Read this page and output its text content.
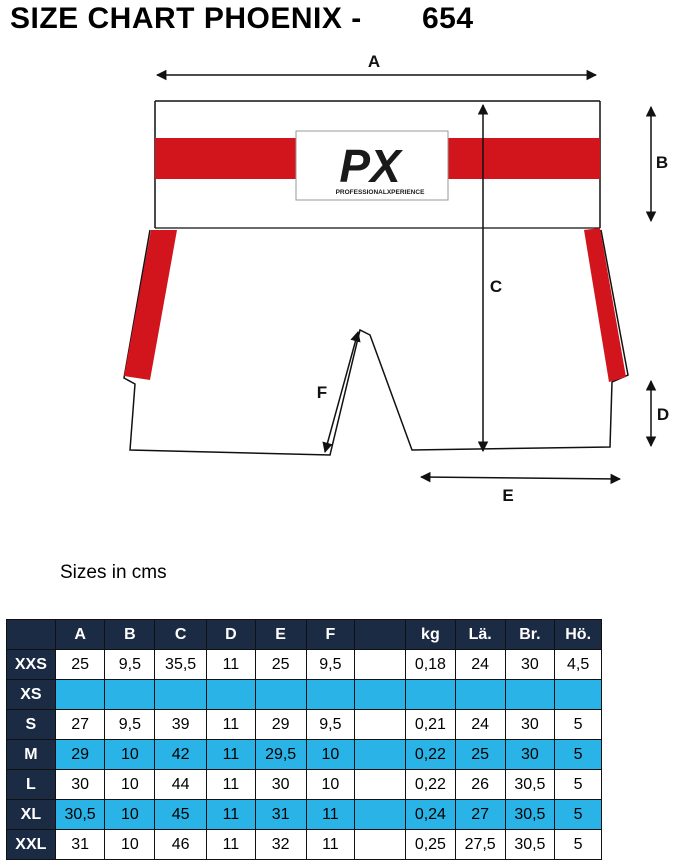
SIZE CHART PHOENIX - 654
PX
PROFESSIONALXPERIENCE
A
B
C
D
E
F
Sizes in cms
	A	B	C	D	E	F		kg	Lä.	Br.	Hö.
XXS	25	9,5	35,5	11	25	9,5		0,18	24	30	4,5
XS											
S	27	9,5	39	11	29	9,5		0,21	24	30	5
M	29	10	42	11	29,5	10		0,22	25	30	5
L	30	10	44	11	30	10		0,22	26	30,5	5
XL	30,5	10	45	11	31	11		0,24	27	30,5	5
XXL	31	10	46	11	32	11		0,25	27,5	30,5	5
